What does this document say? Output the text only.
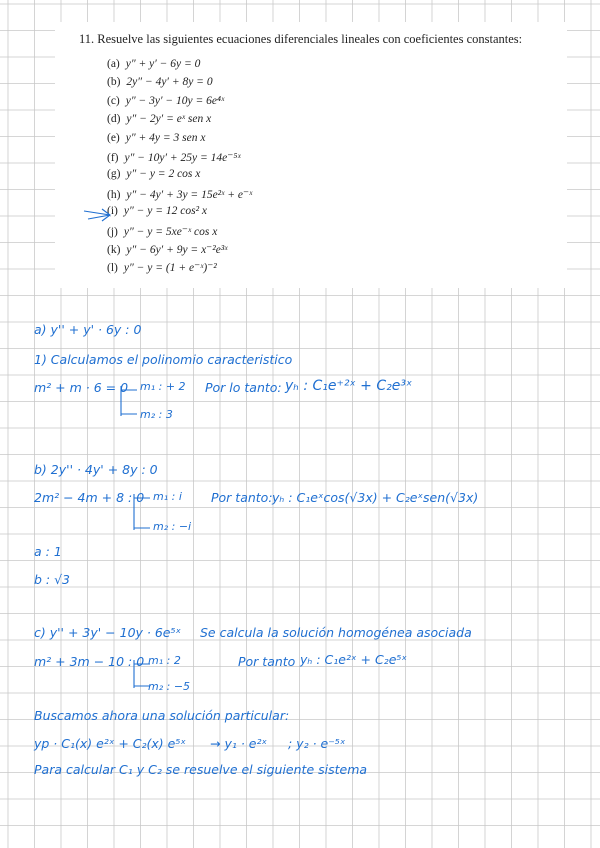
11. Resuelve las siguientes ecuaciones diferenciales lineales con coeficientes constantes:
(a) y″ + y′ − 6y = 0
(b) 2y″ − 4y′ + 8y = 0
(c) y″ − 3y′ − 10y = 6e⁴ˣ
(d) y″ − 2y′ = eˣ sen x
(e) y″ + 4y = 3 sen x
(f) y″ − 10y′ + 25y = 14e⁻⁵ˣ
(g) y″ − y = 2 cos x
(h) y″ − 4y′ + 3y = 15e²ˣ + e⁻ˣ
(i) y″ − y = 12 cos² x
(j) y″ − y = 5xe⁻ˣ cos x
(k) y″ − 6y′ + 9y = x⁻²e³ˣ
(l) y″ − y = (1 + e⁻ˣ)⁻²
a) y'' + y' · 6y : 0
1) Calculamos el polinomio caracteristico
m² + m · 6 = 0 m₁ : + 2
m₂ : 3
Por lo tanto: yₕ : C₁e⁺²ˣ + C₂e³ˣ
b) 2y'' · 4y' + 8y : 0
2m² − 4m + 8 : 0 m₁ : i
m₂ : −i
Por tanto: yₕ : C₁eˣcos(√3x) + C₂eˣsen(√3x)
a : 1
b : √3
c) y'' + 3y' − 10y · 6e⁵ˣ Se calcula la solución homogénea asociada
m² + 3m − 10 : 0 m₁ : 2
m₂ : −5
Por tanto yₕ : C₁e²ˣ + C₂e⁵ˣ
Buscamos ahora una solución particular:
yp · C₁(x) e²ˣ + C₂(x) e⁵ˣ → y₁ · e²ˣ ; y₂ · e⁻⁵ˣ
Para calcular C₁ y C₂ se resuelve el siguiente sistema
